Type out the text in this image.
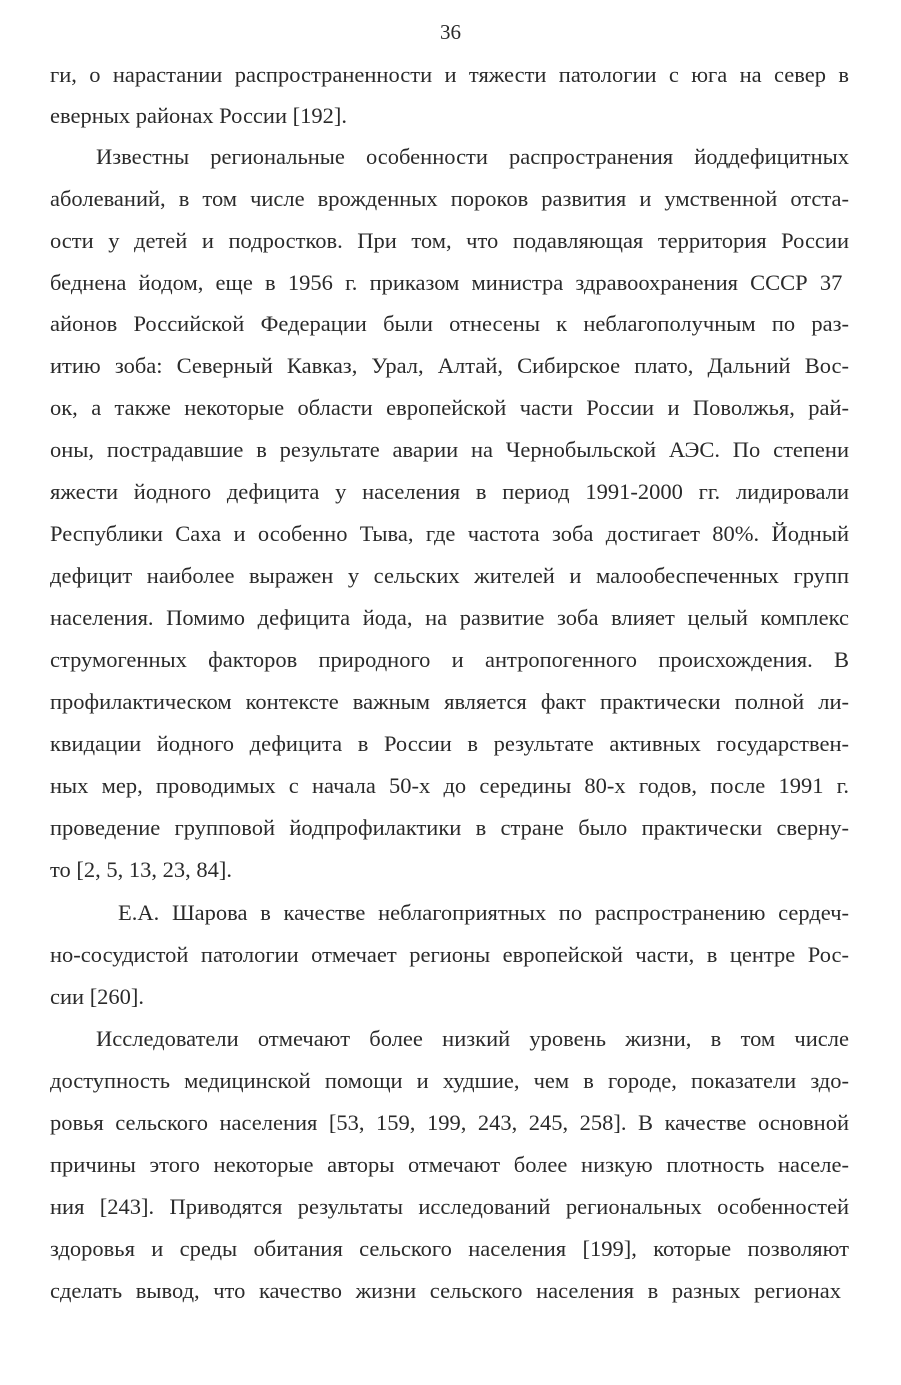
36
ги, о нарастании распространенности и тяжести патологии с юга на север в
еверных районах России [192].
Известны региональные особенности распространения йоддефицитных
аболеваний, в том числе врожденных пороков развития и умственной отста-
ости у детей и подростков. При том, что подавляющая территория России
беднена йодом, еще в 1956 г. приказом министра здравоохранения СССР 37
айонов Российской Федерации были отнесены к неблагополучным по раз-
итию зоба: Северный Кавказ, Урал, Алтай, Сибирское плато, Дальний Вос-
ок, а также некоторые области европейской части России и Поволжья, рай-
оны, пострадавшие в результате аварии на Чернобыльской АЭС. По степени
яжести йодного дефицита у населения в период 1991-2000 гг. лидировали
Республики Саха и особенно Тыва, где частота зоба достигает 80%. Йодный
дефицит наиболее выражен у сельских жителей и малообеспеченных групп
населения. Помимо дефицита йода, на развитие зоба влияет целый комплекс
струмогенных факторов природного и антропогенного происхождения. В
профилактическом контексте важным является факт практически полной ли-
квидации йодного дефицита в России в результате активных государствен-
ных мер, проводимых с начала 50-х до середины 80-х годов, после 1991 г.
проведение групповой йодпрофилактики в стране было практически сверну-
то [2, 5, 13, 23, 84].
Е.А. Шарова в качестве неблагоприятных по распространению сердеч-
но-сосудистой патологии отмечает регионы европейской части, в центре Рос-
сии [260].
Исследователи отмечают более низкий уровень жизни, в том числе
доступность медицинской помощи и худшие, чем в городе, показатели здо-
ровья сельского населения [53, 159, 199, 243, 245, 258]. В качестве основной
причины этого некоторые авторы отмечают более низкую плотность населе-
ния [243]. Приводятся результаты исследований региональных особенностей
здоровья и среды обитания сельского населения [199], которые позволяют
сделать вывод, что качество жизни сельского населения в разных регионах
